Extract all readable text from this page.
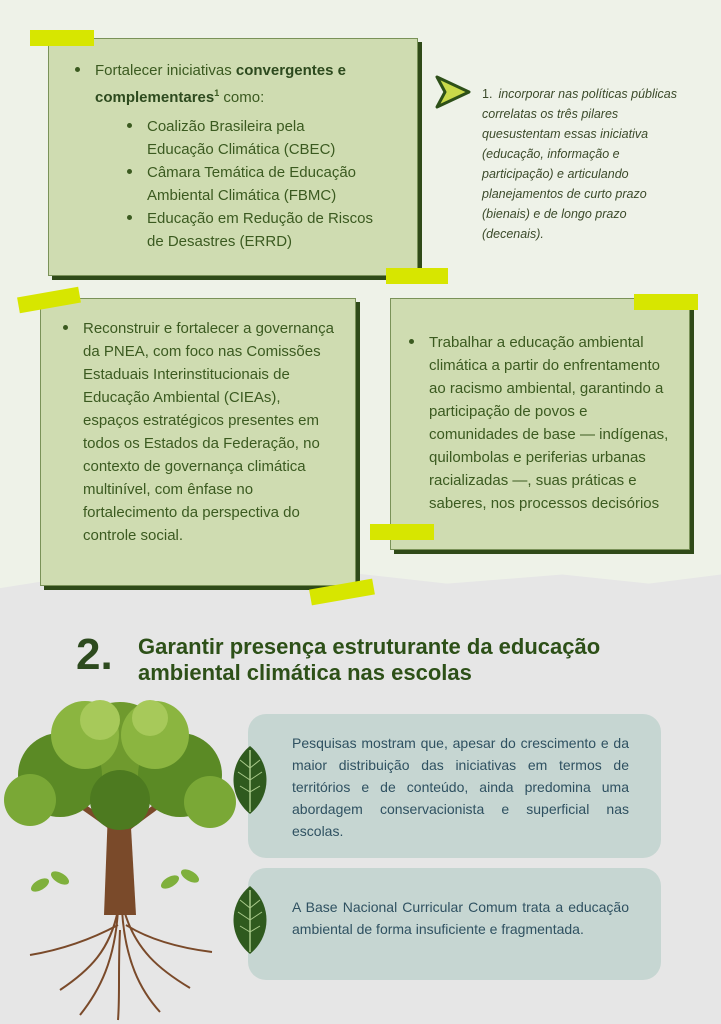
Fortalecer iniciativas convergentes e complementares$^1$ como:
Coalizão Brasileira pela Educação Climática (CBEC)
Câmara Temática de Educação Ambiental Climática (FBMC)
Educação em Redução de Riscos de Desastres (ERRD)
1. incorporar nas políticas públicas correlatas os três pilares quesustentam essas iniciativa (educação, informação e participação) e articulando planejamentos de curto prazo (bienais) e de longo prazo (decenais).
Reconstruir e fortalecer a governança da PNEA, com foco nas Comissões Estaduais Interinstitucionais de Educação Ambiental (CIEAs), espaços estratégicos presentes em todos os Estados da Federação, no contexto de governança climática multinível, com ênfase no fortalecimento da perspectiva do controle social.
Trabalhar a educação ambiental climática a partir do enfrentamento ao racismo ambiental, garantindo a participação de povos e comunidades de base — indígenas, quilombolas e periferias urbanas racializadas —, suas práticas e saberes, nos processos decisórios
2. Garantir presença estruturante da educação ambiental climática nas escolas
Pesquisas mostram que, apesar do crescimento e da maior distribuição das iniciativas em termos de territórios e de conteúdo, ainda predomina uma abordagem conservacionista e superficial nas escolas.
A Base Nacional Curricular Comum trata a educação ambiental de forma insuficiente e fragmentada.
